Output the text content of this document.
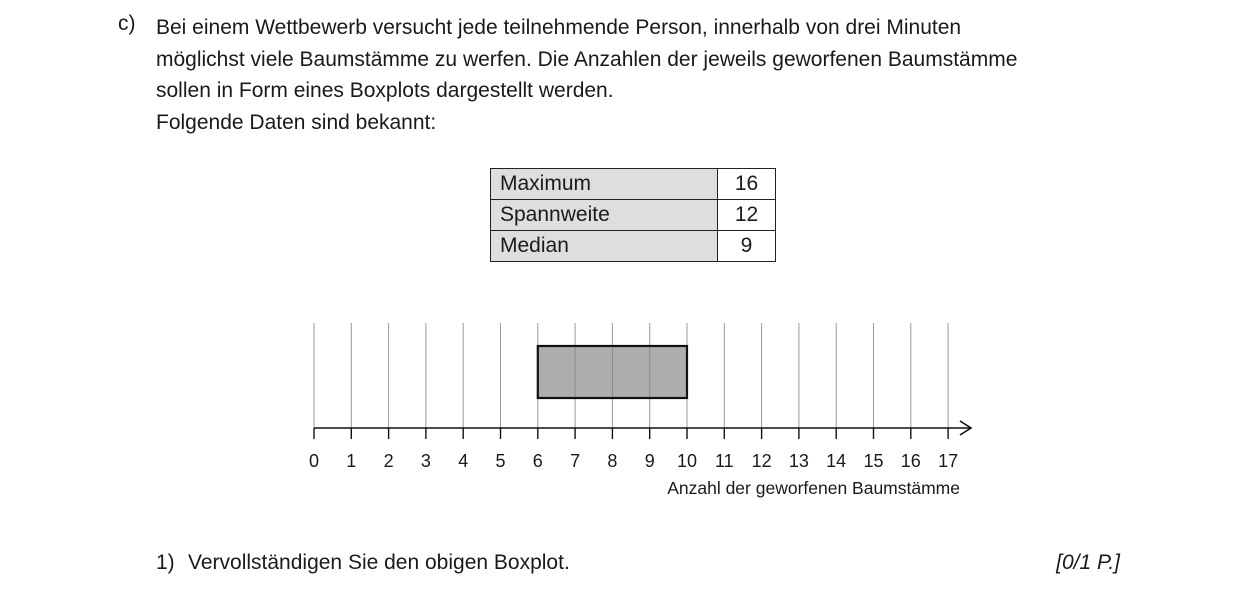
c) Bei einem Wettbewerb versucht jede teilnehmende Person, innerhalb von drei Minuten

möglichst viele Baumstämme zu werfen. Die Anzahlen der jeweils geworfenen Baumstämme

sollen in Form eines Boxplots dargestellt werden.

Folgende Daten sind bekannt:

Maximum	16
Spannweite	12
Median	9
0 1 2 3 4 5 6 7 8 9 10 11 12 13 14 15 16 17
Anzahl der geworfenen Baumstämme
1) Vervollständigen Sie den obigen Boxplot.	[0/1 P.]
